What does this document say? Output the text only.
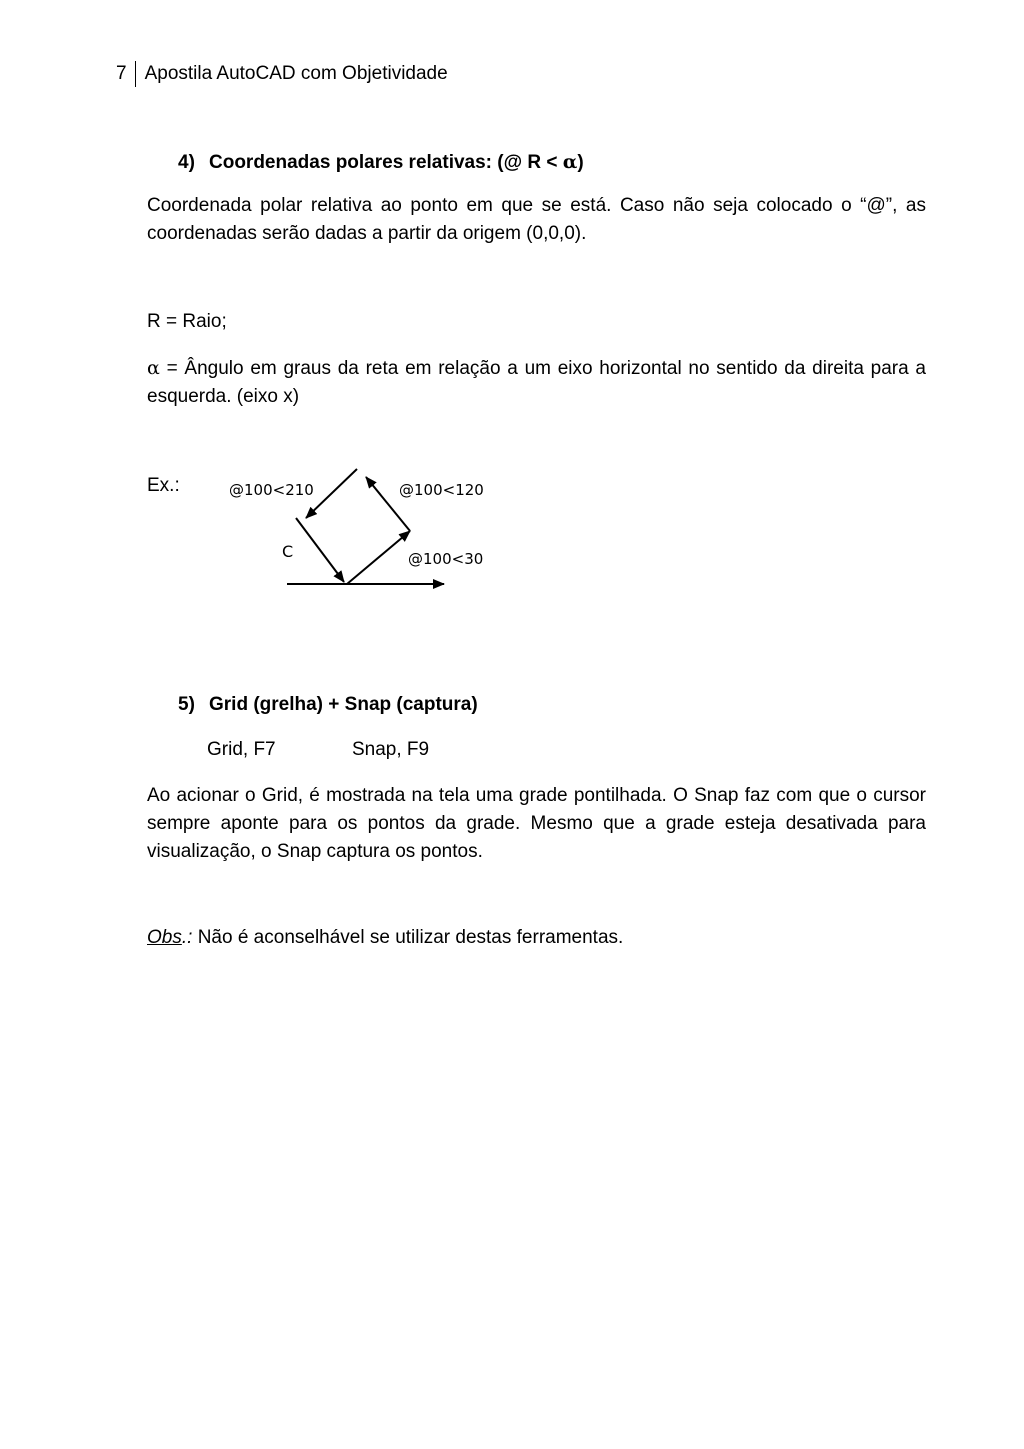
7 Apostila AutoCAD com Objetividade
4) Coordenadas polares relativas: (@ R < α)
Coordenada polar relativa ao ponto em que se está. Caso não seja colocado o “@”, as coordenadas serão dadas a partir da origem (0,0,0).
R = Raio;
α = Ângulo em graus da reta em relação a um eixo horizontal no sentido da direita para a esquerda. (eixo x)
Ex.:	@100<210	@100<120
@100<30
C
5) Grid (grelha) + Snap (captura)
Grid, F7	Snap, F9
Ao acionar o Grid, é mostrada na tela uma grade pontilhada. O Snap faz com que o cursor sempre aponte para os pontos da grade. Mesmo que a grade esteja desativada para visualização, o Snap captura os pontos.
Obs.: Não é aconselhável se utilizar destas ferramentas.
